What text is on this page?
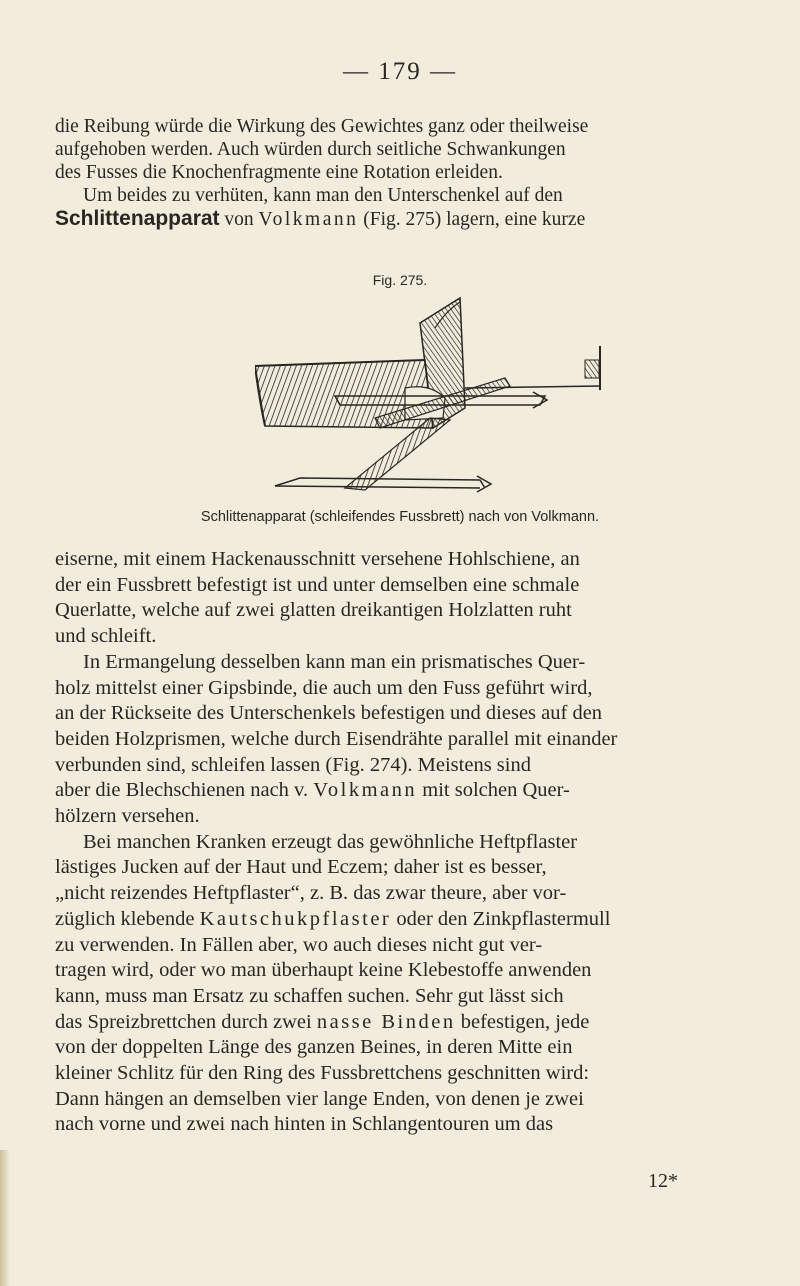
— 179 —
die Reibung würde die Wirkung des Gewichtes ganz oder theilweise
aufgehoben werden. Auch würden durch seitliche Schwankungen
des Fusses die Knochenfragmente eine Rotation erleiden.
Um beides zu verhüten, kann man den Unterschenkel auf den
Schlittenapparat von Volkmann (Fig. 275) lagern, eine kurze
Fig. 275.
Schlittenapparat (schleifendes Fussbrett) nach von Volkmann.
eiserne, mit einem Hackenausschnitt versehene Hohlschiene, an
der ein Fussbrett befestigt ist und unter demselben eine schmale
Querlatte, welche auf zwei glatten dreikantigen Holzlatten ruht
und schleift.
In Ermangelung desselben kann man ein prismatisches Quer-
holz mittelst einer Gipsbinde, die auch um den Fuss geführt wird,
an der Rückseite des Unterschenkels befestigen und dieses auf den
beiden Holzprismen, welche durch Eisendrähte parallel mit einander
verbunden sind, schleifen lassen (Fig. 274). Meistens sind
aber die Blechschienen nach v. Volkmann mit solchen Quer-
hölzern versehen.
Bei manchen Kranken erzeugt das gewöhnliche Heftpflaster
lästiges Jucken auf der Haut und Eczem; daher ist es besser,
„nicht reizendes Heftpflaster“, z. B. das zwar theure, aber vor-
züglich klebende Kautschukpflaster oder den Zinkpflastermull
zu verwenden. In Fällen aber, wo auch dieses nicht gut ver-
tragen wird, oder wo man überhaupt keine Klebestoffe anwenden
kann, muss man Ersatz zu schaffen suchen. Sehr gut lässt sich
das Spreizbrettchen durch zwei nasse Binden befestigen, jede
von der doppelten Länge des ganzen Beines, in deren Mitte ein
kleiner Schlitz für den Ring des Fussbrettchens geschnitten wird:
Dann hängen an demselben vier lange Enden, von denen je zwei
nach vorne und zwei nach hinten in Schlangentouren um das
12*
